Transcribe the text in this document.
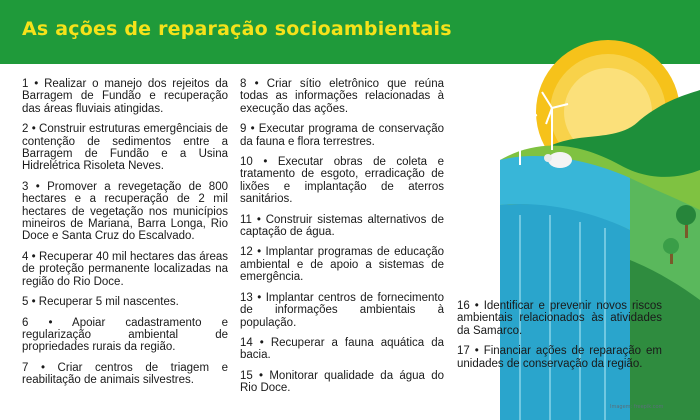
As ações de reparação socioambientais

1 • Realizar o manejo dos rejeitos da Barragem de Fundão e recuperação das áreas fluviais atingidas.

2 • Construir estruturas emergênciais de contenção de sedimentos entre a Barragem de Fundão e a Usina Hidrelétrica Risoleta Neves.

3 • Promover a revegetação de 800 hectares e a recuperação de 2 mil hectares de vegetação nos municípios mineiros de Mariana, Barra Longa, Rio Doce e Santa Cruz do Escalvado.

4 • Recuperar 40 mil hectares das áreas de proteção permanente localizadas na região do Rio Doce.

5 • Recuperar 5 mil nascentes.

6 • Apoiar cadastramento e regularização ambiental de propriedades rurais da região.

7 • Criar centros de triagem e reabilitação de animais silvestres.

8 • Criar sítio eletrônico que reúna todas as informações relacionadas à execução das ações.

9 • Executar programa de conservação da fauna e flora terrestres.

10 • Executar obras de coleta e tratamento de esgoto, erradicação de lixões e implantação de aterros sanitários.

11 • Construir sistemas alternativos de captação de água.

12 • Implantar programas de educação ambiental e de apoio a sistemas de emergência.

13 • Implantar centros de fornecimento de informações ambientais à população.

14 • Recuperar a fauna aquática da bacia.

15 • Monitorar qualidade da água do Rio Doce.

16 • Identificar e prevenir novos riscos ambientais relacionados às atividades da Samarco.

17 • Financiar ações de reparação em unidades de conservação da região.

Imagem: freepik.com
